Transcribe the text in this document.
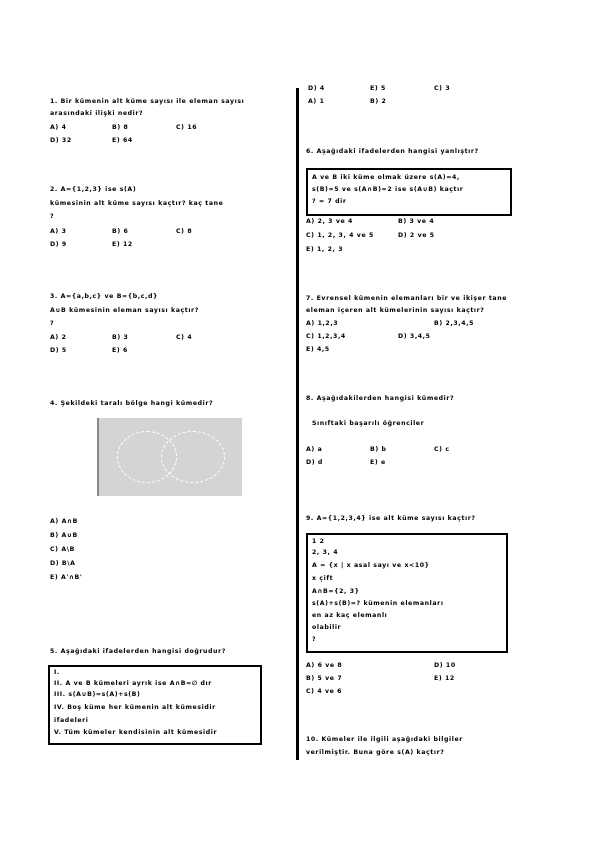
1. Bir kümenin alt küme sayısı ile eleman sayısı
arasındaki ilişki nedir?
A) 4	B) 8	C) 16
D) 32	E) 64
2. A={1,2,3} ise s(A)
kümesinin alt küme sayısı kaçtır? kaç tane
?
A) 3	B) 6	C) 8
D) 9	E) 12
3. A={a,b,c} ve B={b,c,d}
A∪B kümesinin eleman sayısı kaçtır?
?
A) 2	B) 3	C) 4
D) 5	E) 6
4. Şekildeki taralı bölge hangi kümedir?
A) A∩B
B) A∪B
C) A\B
D) B\A
E) A'∩B'
5. Aşağıdaki ifadelerden hangisi doğrudur?
I.
II. A ve B kümeleri ayrık ise A∩B=∅ dır
III. s(A∪B)=s(A)+s(B)
IV. Boş küme her kümenin alt kümesidir
ifadeleri
V. Tüm kümeler kendisinin alt kümesidir
D) 4	E) 5	C) 3
A) 1	B) 2
6. Aşağıdaki ifadelerden hangisi yanlıştır?
A ve B iki küme olmak üzere s(A)=4,
s(B)=5 ve s(A∩B)=2 ise s(A∪B) kaçtır
? = 7 dir
A) 2, 3 ve 4	B) 3 ve 4
C) 1, 2, 3, 4 ve 5	D) 2 ve 5
E) 1, 2, 3
7. Evrensel kümenin elemanları bir ve ikişer tane
eleman içeren alt kümelerinin sayısı kaçtır?
A) 1,2,3	B) 2,3,4,5
C) 1,2,3,4	D) 3,4,5
E) 4,5
8. Aşağıdakilerden hangisi kümedir?
Sınıftaki başarılı öğrenciler
A) a	B) b	C) c
D) d	E) e
9. A={1,2,3,4} ise alt küme sayısı kaçtır?
1 2
2, 3, 4
A = {x | x asal sayı ve x<10}
x çift
A∩B={2, 3}
s(A)+s(B)=? kümenin elemanları
en az kaç elemanlı
olabilir
?
A) 6 ve 8	D) 10
B) 5 ve 7	E) 12
C) 4 ve 6
10. Kümeler ile ilgili aşağıdaki bilgiler
verilmiştir. Buna göre s(A) kaçtır?
